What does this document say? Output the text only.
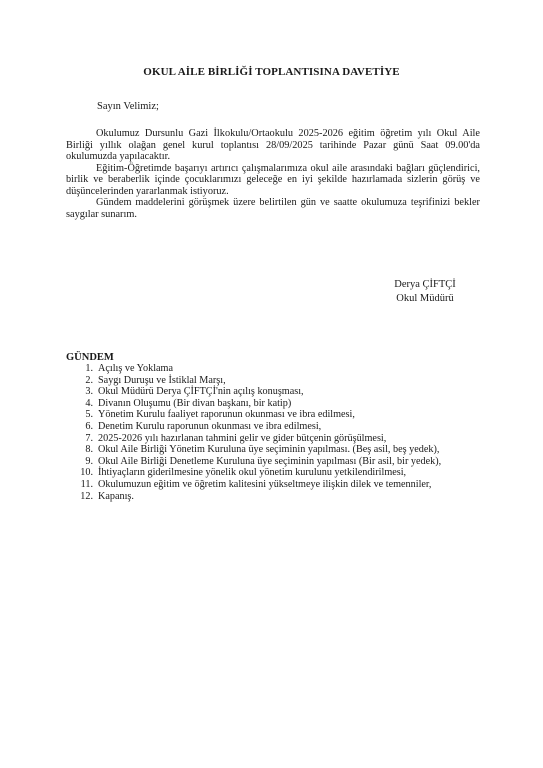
OKUL AİLE BİRLİĞİ TOPLANTISINA DAVETİYE
Sayın Velimiz;

Okulumuz Dursunlu Gazi İlkokulu/Ortaokulu 2025-2026 eğitim öğretim yılı Okul Aile Birliği yıllık olağan genel kurul toplantısı 28/09/2025 tarihinde Pazar günü Saat 09.00'da okulumuzda yapılacaktır.

Eğitim-Öğretimde başarıyı artırıcı çalışmalarımıza okul aile arasındaki bağları güçlendirici, birlik ve beraberlik içinde çocuklarımızı geleceğe en iyi şekilde hazırlamada sizlerin görüş ve düşüncelerinden yararlanmak istiyoruz.

Gündem maddelerini görüşmek üzere belirtilen gün ve saatte okulumuza teşrifinizi bekler saygılar sunarım.

Derya ÇİFTÇİ
Okul Müdürü
GÜNDEM
1. Açılış ve Yoklama
2. Saygı Duruşu ve İstiklal Marşı,
3. Okul Müdürü Derya ÇİFTÇİ'nin açılış konuşması,
4. Divanın Oluşumu (Bir divan başkanı, bir katip)
5. Yönetim Kurulu faaliyet raporunun okunması ve ibra edilmesi,
6. Denetim Kurulu raporunun okunması ve ibra edilmesi,
7. 2025-2026 yılı hazırlanan tahmini gelir ve gider bütçenin görüşülmesi,
8. Okul Aile Birliği Yönetim Kuruluna üye seçiminin yapılması. (Beş asil, beş yedek),
9. Okul Aile Birliği Denetleme Kuruluna üye seçiminin yapılması (Bir asil, bir yedek),
10. İhtiyaçların giderilmesine yönelik okul yönetim kurulunu yetkilendirilmesi,
11. Okulumuzun eğitim ve öğretim kalitesini yükseltmeye ilişkin dilek ve temenniler,
12. Kapanış.
